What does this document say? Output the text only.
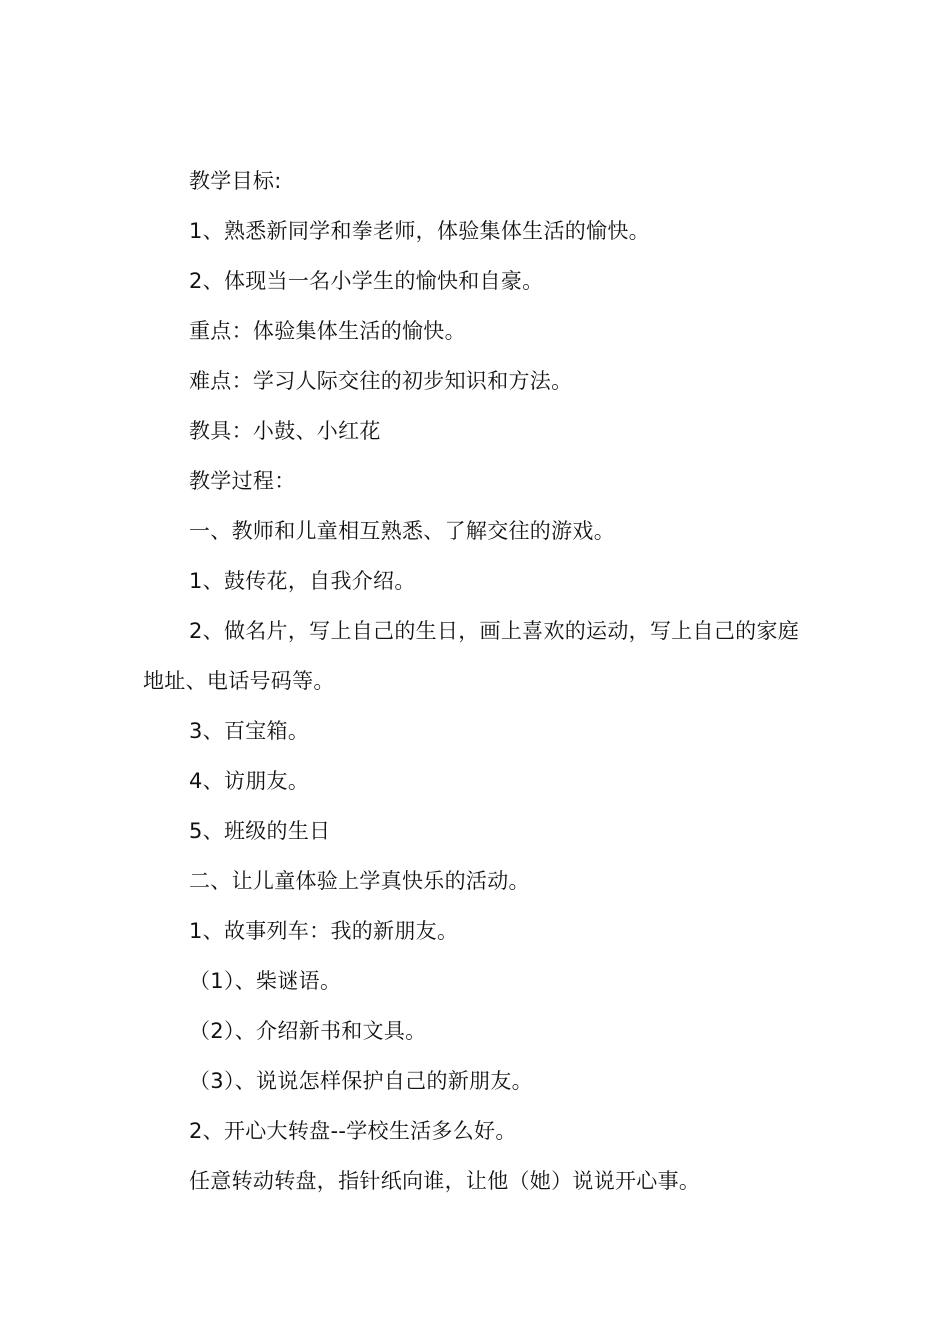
教学目标:

1、熟悉新同学和拳老师，体验集体生活的愉快。

2、体现当一名小学生的愉快和自豪。

重点：体验集体生活的愉快。

难点：学习人际交往的初步知识和方法。

教具：小鼓、小红花

教学过程：

一、教师和儿童相互熟悉、了解交往的游戏。

1、鼓传花，自我介绍。

2、做名片，写上自己的生日，画上喜欢的运动，写上自己的家庭地址、电话号码等。

3、百宝箱。

4、访朋友。

5、班级的生日

二、让儿童体验上学真快乐的活动。

1、故事列车：我的新朋友。

（1）、柴谜语。

（2）、介绍新书和文具。

（3）、说说怎样保护自己的新朋友。

2、开心大转盘--学校生活多么好。

任意转动转盘，指针纸向谁，让他（她）说说开心事。
